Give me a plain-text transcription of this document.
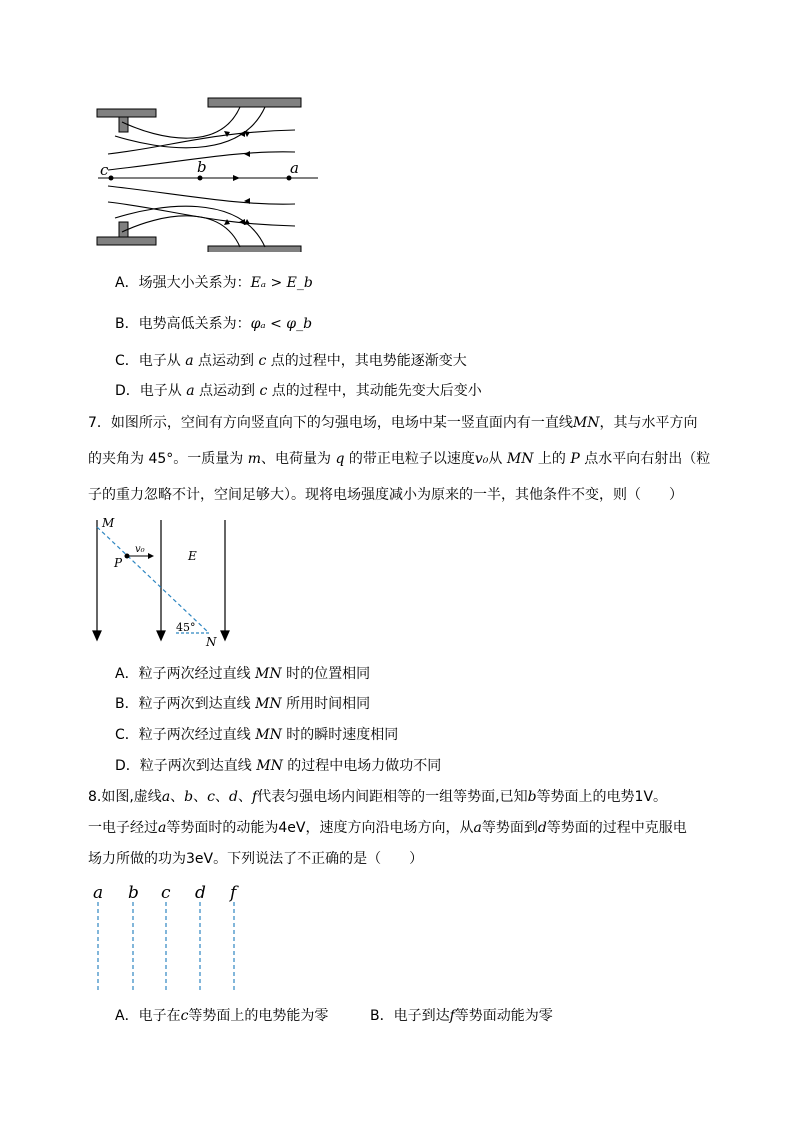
c	b	a
A．场强大小关系为：Eₐ > E_b
B．电势高低关系为：φₐ < φ_b
C．电子从 a 点运动到 c 点的过程中，其电势能逐渐变大
D．电子从 a 点运动到 c 点的过程中，其动能先变大后变小
7．如图所示，空间有方向竖直向下的匀强电场，电场中某一竖直面内有一直线MN，其与水平方向
的夹角为 45°。一质量为 m、电荷量为 q 的带正电粒子以速度v₀从 MN 上的 P 点水平向右射出（粒
子的重力忽略不计，空间足够大）。现将电场强度减小为原来的一半，其他条件不变，则（　　）
M
v₀
P	E
45°
N
A．粒子两次经过直线 MN 时的位置相同
B．粒子两次到达直线 MN 所用时间相同
C．粒子两次经过直线 MN 时的瞬时速度相同
D．粒子两次到达直线 MN 的过程中电场力做功不同
8.如图,虚线a、b、c、d、f代表匀强电场内间距相等的一组等势面,已知b等势面上的电势1V。
一电子经过a等势面时的动能为4eV，速度方向沿电场方向，从a等势面到d等势面的过程中克服电
场力所做的功为3eV。下列说法了不正确的是（　　）
a b c d f
A．电子在c等势面上的电势能为零	B．电子到达f等势面动能为零
